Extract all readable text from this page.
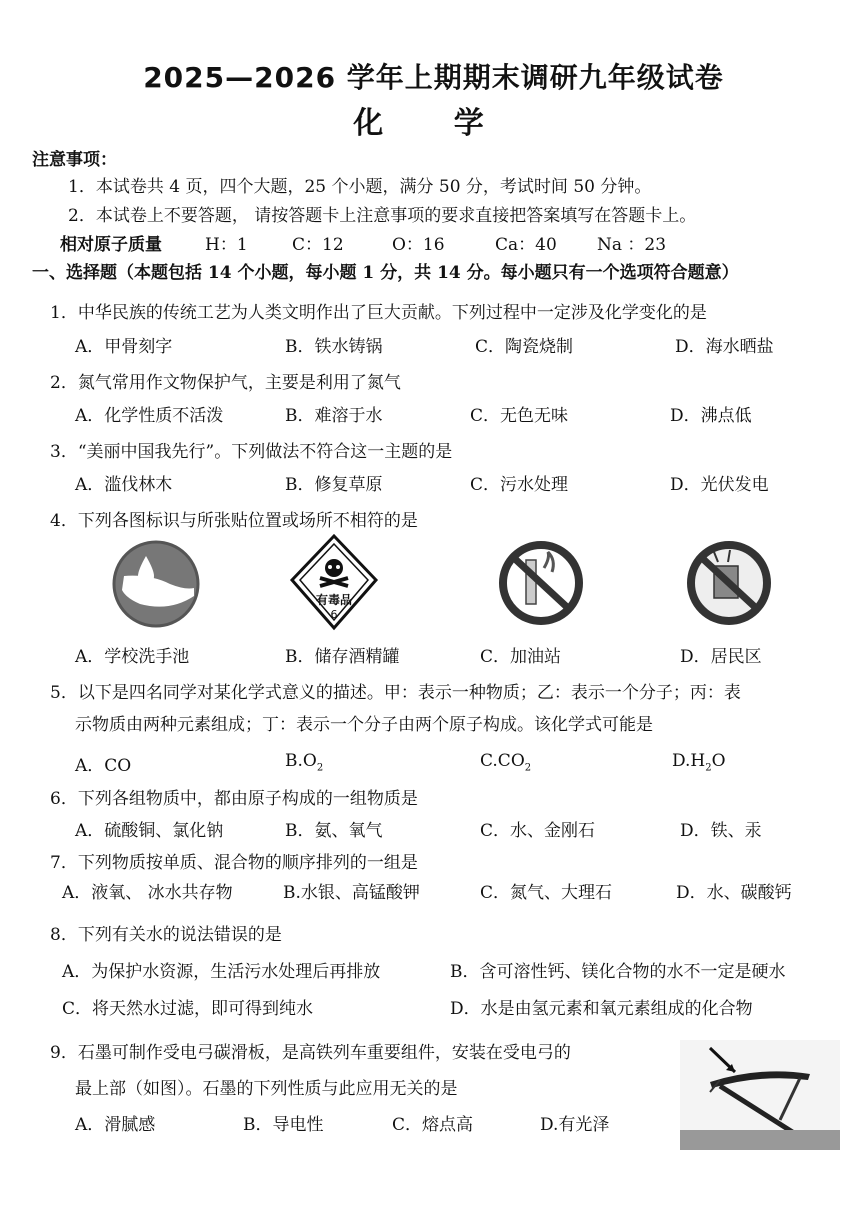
2025—2026 学年上期期末调研九年级试卷
化 学
注意事项：
1．本试卷共 4 页，四个大题，25 个小题，满分 50 分，考试时间 50 分钟。
2．本试卷上不要答题， 请按答题卡上注意事项的要求直接把答案填写在答题卡上。
相对原子质量	H：1	C：12	O：16	Ca：40 Na ：23
一、选择题（本题包括 14 个小题，每小题 1 分，共 14 分。每小题只有一个选项符合题意）
1．中华民族的传统工艺为人类文明作出了巨大贡献。下列过程中一定涉及化学变化的是
A．甲骨刻字	B．铁水铸锅	C．陶瓷烧制	D．海水晒盐
2．氮气常用作文物保护气，主要是利用了氮气
A．化学性质不活泼	B．难溶于水	C．无色无味	D．沸点低
3．“美丽中国我先行”。下列做法不符合这一主题的是
A．滥伐林木	B．修复草原	C．污水处理	D．光伏发电
4．下列各图标识与所张贴位置或场所不相符的是
有毒品
6
A．学校洗手池	B．储存酒精罐	C．加油站	D．居民区
5．以下是四名同学对某化学式意义的描述。甲：表示一种物质；乙：表示一个分子；丙：表
示物质由两种元素组成；丁：表示一个分子由两个原子构成。该化学式可能是
A．CO	$B.O_2$	$C.CO_2$	$D.H_2O$
6．下列各组物质中，都由原子构成的一组物质是
A．硫酸铜、氯化钠	B．氨、氧气	C．水、金刚石	D．铁、汞
7．下列物质按单质、混合物的顺序排列的一组是
A．液氧、 冰水共存物	B.水银、高锰酸钾	C．氮气、大理石	D．水、碳酸钙
8．下列有关水的说法错误的是
A．为保护水资源，生活污水处理后再排放	B．含可溶性钙、镁化合物的水不一定是硬水
C．将天然水过滤，即可得到纯水	D．水是由氢元素和氧元素组成的化合物
9．石墨可制作受电弓碳滑板，是高铁列车重要组件，安装在受电弓的
最上部（如图）。石墨的下列性质与此应用无关的是
A．滑腻感	B．导电性	C．熔点高	D.有光泽
